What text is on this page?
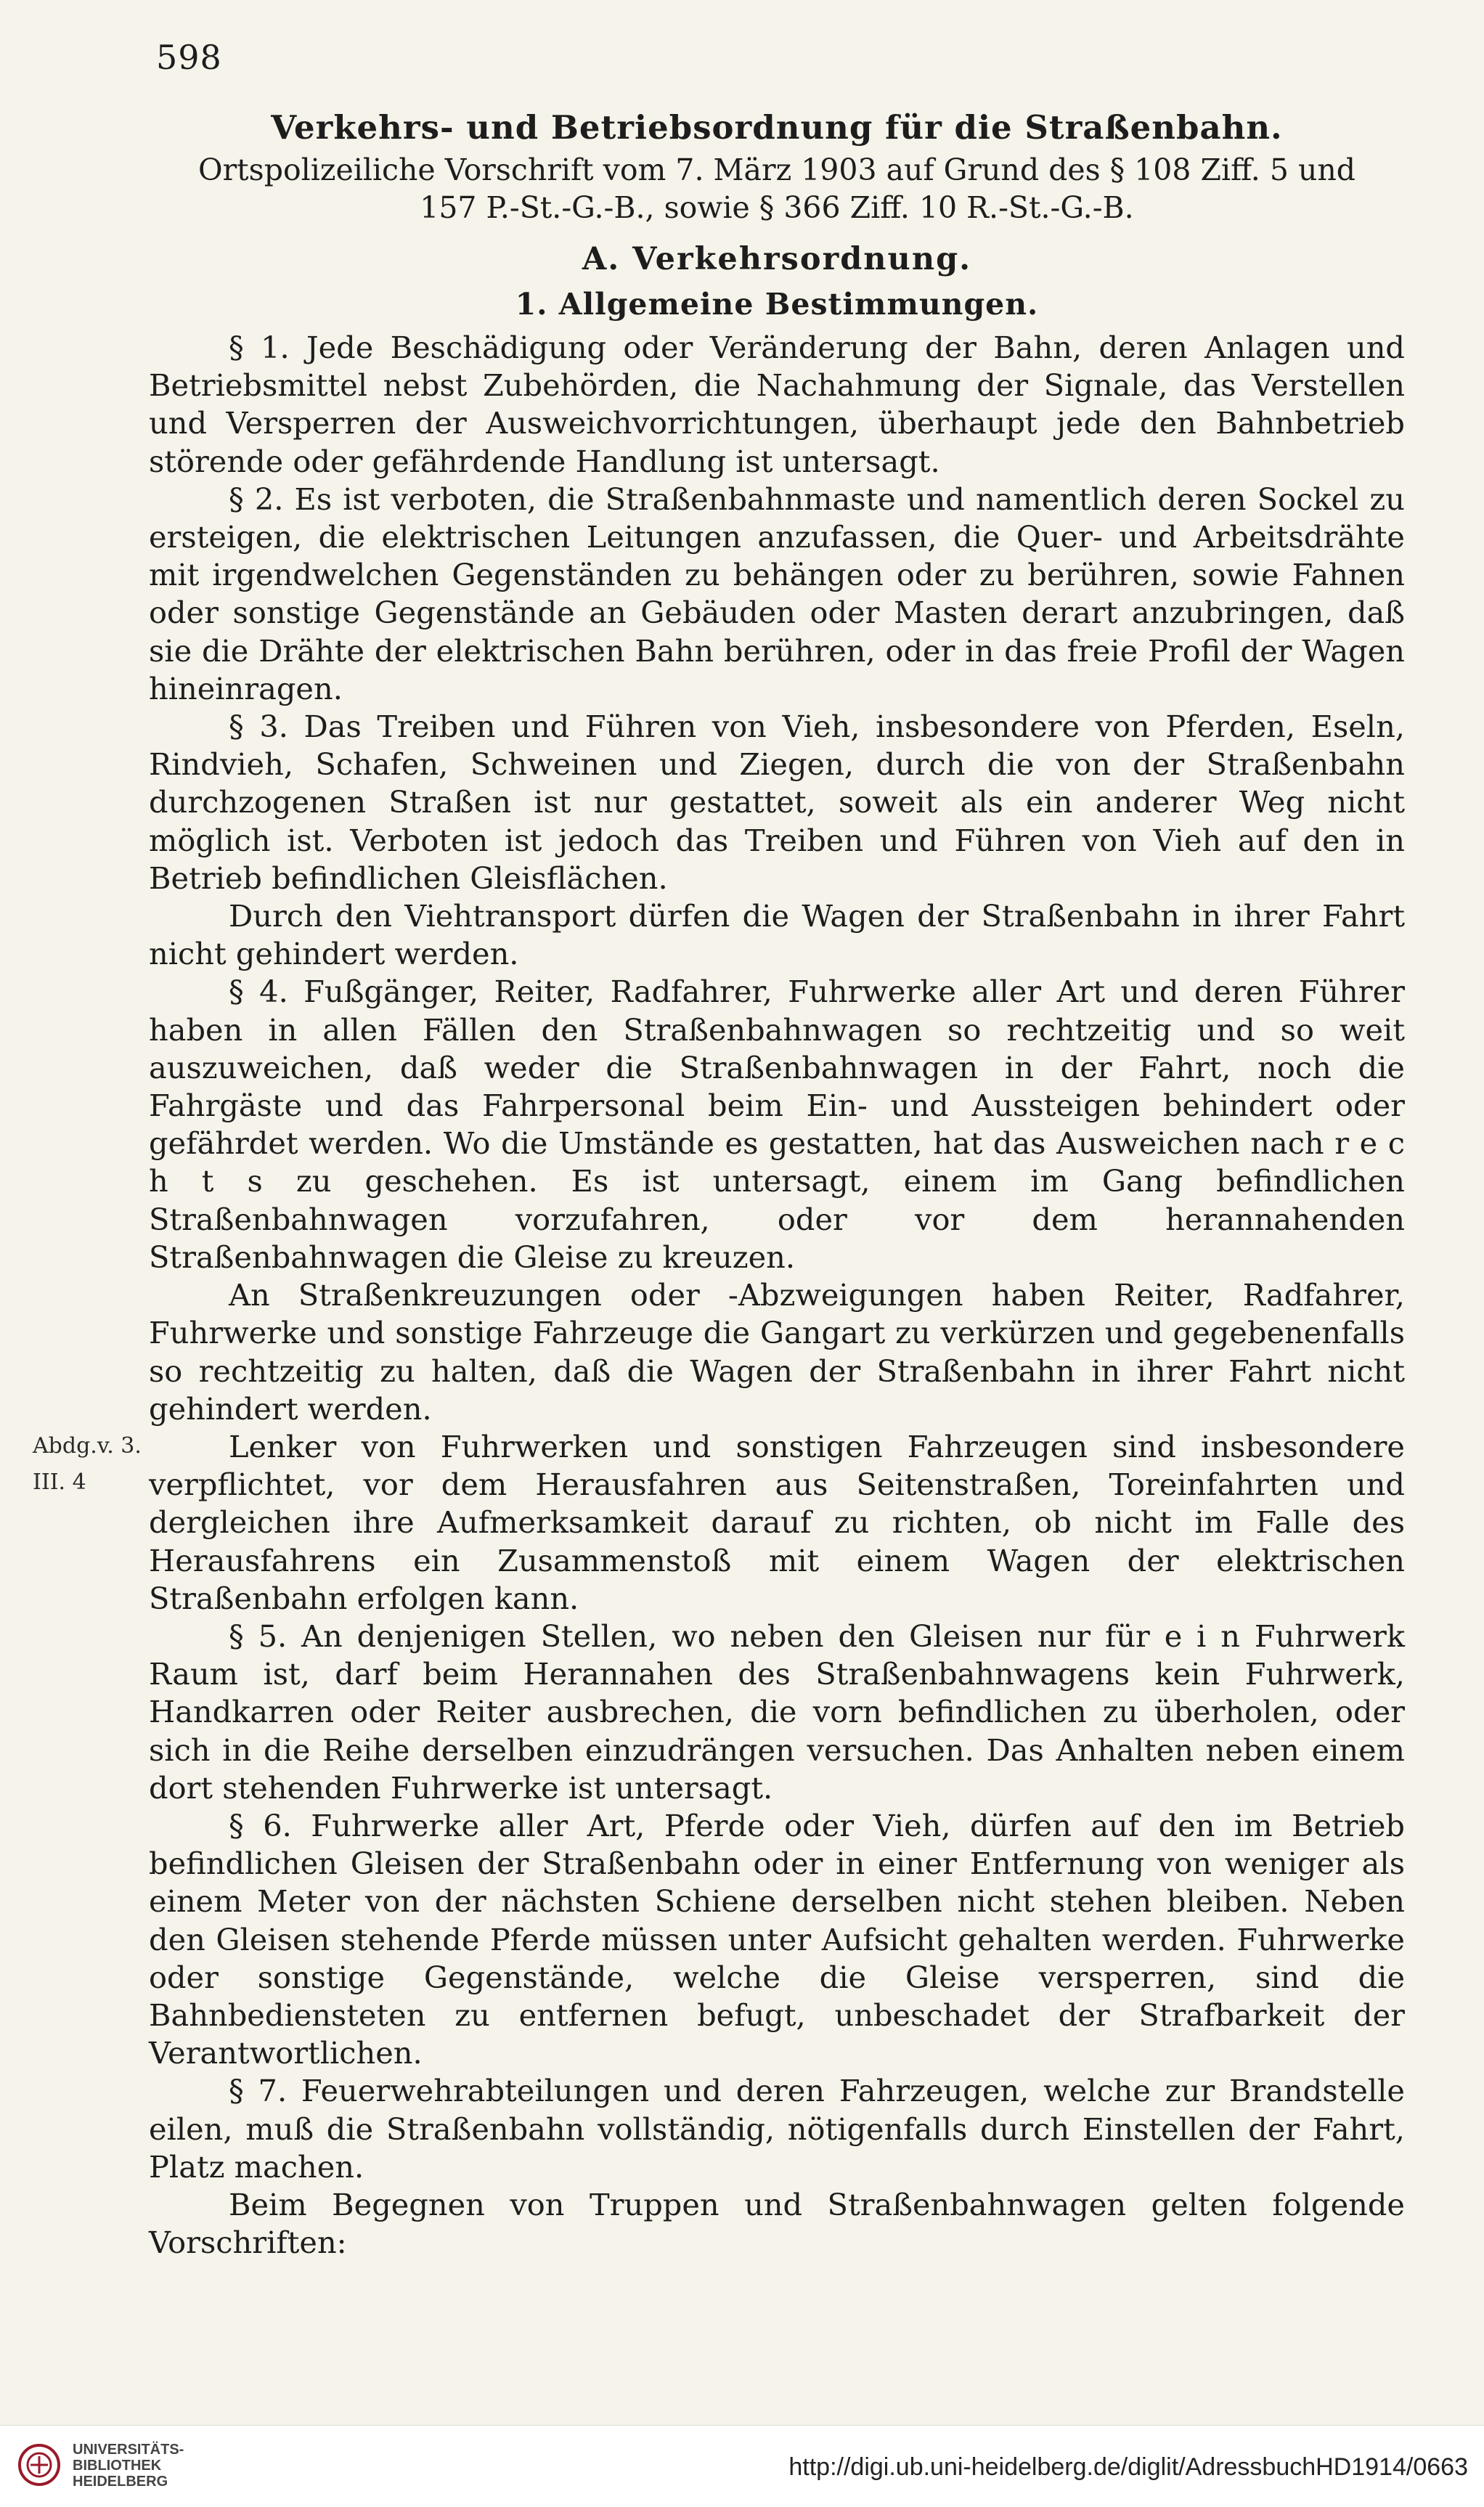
598
Verkehrs- und Betriebsordnung für die Straßenbahn.
Ortspolizeiliche Vorschrift vom 7. März 1903 auf Grund des § 108 Ziff. 5 und 157 P.-St.-G.-B., sowie § 366 Ziff. 10 R.-St.-G.-B.
A. Verkehrsordnung.
1. Allgemeine Bestimmungen.

§ 1. Jede Beschädigung oder Veränderung der Bahn, deren Anlagen und Betriebsmittel nebst Zubehörden, die Nachahmung der Signale, das Verstellen und Versperren der Ausweichvorrichtungen, überhaupt jede den Bahnbetrieb störende oder gefährdende Handlung ist untersagt.

§ 2. Es ist verboten, die Straßenbahnmaste und namentlich deren Sockel zu ersteigen, die elektrischen Leitungen anzufassen, die Quer- und Arbeitsdrähte mit irgendwelchen Gegenständen zu behängen oder zu berühren, sowie Fahnen oder sonstige Gegenstände an Gebäuden oder Masten derart anzubringen, daß sie die Drähte der elektrischen Bahn berühren, oder in das freie Profil der Wagen hineinragen.

§ 3. Das Treiben und Führen von Vieh, insbesondere von Pferden, Eseln, Rindvieh, Schafen, Schweinen und Ziegen, durch die von der Straßenbahn durchzogenen Straßen ist nur gestattet, soweit als ein anderer Weg nicht möglich ist. Verboten ist jedoch das Treiben und Führen von Vieh auf den in Betrieb befindlichen Gleisflächen.

Durch den Viehtransport dürfen die Wagen der Straßenbahn in ihrer Fahrt nicht gehindert werden.

§ 4. Fußgänger, Reiter, Radfahrer, Fuhrwerke aller Art und deren Führer haben in allen Fällen den Straßenbahnwagen so rechtzeitig und so weit auszuweichen, daß weder die Straßenbahnwagen in der Fahrt, noch die Fahrgäste und das Fahrpersonal beim Ein- und Aussteigen behindert oder gefährdet werden. Wo die Umstände es gestatten, hat das Ausweichen nach r e c h t s zu geschehen. Es ist untersagt, einem im Gang befindlichen Straßenbahnwagen vorzufahren, oder vor dem herannahenden Straßenbahnwagen die Gleise zu kreuzen.

An Straßenkreuzungen oder -Abzweigungen haben Reiter, Radfahrer, Fuhrwerke und sonstige Fahrzeuge die Gangart zu verkürzen und gegebenenfalls so rechtzeitig zu halten, daß die Wagen der Straßenbahn in ihrer Fahrt nicht gehindert werden.

Abdg.v. 3. III. 4

Lenker von Fuhrwerken und sonstigen Fahrzeugen sind insbesondere verpflichtet, vor dem Herausfahren aus Seitenstraßen, Toreinfahrten und dergleichen ihre Aufmerksamkeit darauf zu richten, ob nicht im Falle des Herausfahrens ein Zusammenstoß mit einem Wagen der elektrischen Straßenbahn erfolgen kann.

§ 5. An denjenigen Stellen, wo neben den Gleisen nur für e i n Fuhrwerk Raum ist, darf beim Herannahen des Straßenbahnwagens kein Fuhrwerk, Handkarren oder Reiter ausbrechen, die vorn befindlichen zu überholen, oder sich in die Reihe derselben einzudrängen versuchen. Das Anhalten neben einem dort stehenden Fuhrwerke ist untersagt.

§ 6. Fuhrwerke aller Art, Pferde oder Vieh, dürfen auf den im Betrieb befindlichen Gleisen der Straßenbahn oder in einer Entfernung von weniger als einem Meter von der nächsten Schiene derselben nicht stehen bleiben. Neben den Gleisen stehende Pferde müssen unter Aufsicht gehalten werden. Fuhrwerke oder sonstige Gegenstände, welche die Gleise versperren, sind die Bahnbediensteten zu entfernen befugt, unbeschadet der Strafbarkeit der Verantwortlichen.

§ 7. Feuerwehrabteilungen und deren Fahrzeugen, welche zur Brandstelle eilen, muß die Straßenbahn vollständig, nötigenfalls durch Einstellen der Fahrt, Platz machen.

Beim Begegnen von Truppen und Straßenbahnwagen gelten folgende Vorschriften:

UNIVERSITÄTS-
BIBLIOTHEK
HEIDELBERG
http://digi.ub.uni-heidelberg.de/diglit/AdressbuchHD1914/0663
